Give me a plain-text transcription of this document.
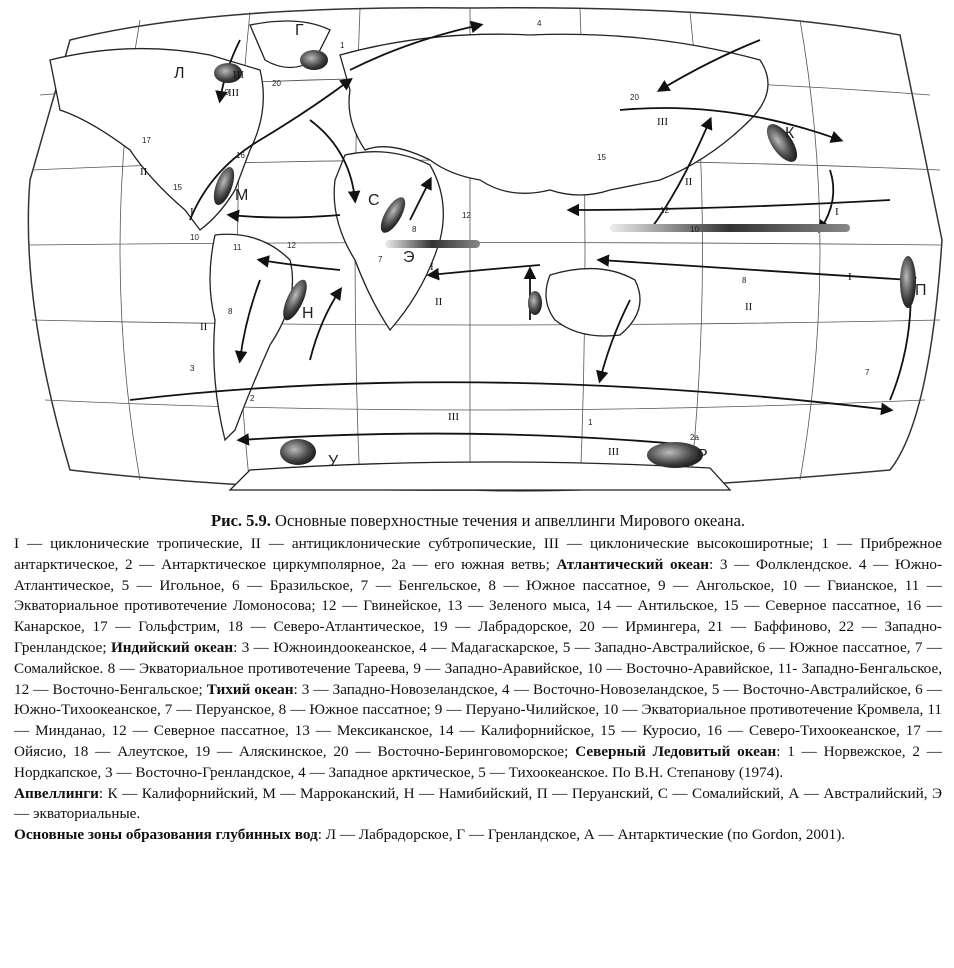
Л
Г
К
М	С
Э
Н
П
Р
У
III
II
I
II
I
II
III
II
I
I
II
III
III
III
4
1
10
20
17
16
15
10
11	12
8
3
2
8
12
20
15
12
10
8
7
2a
1
7
Рис. 5.9. Основные поверхностные течения и апвеллинги Мирового океана.

I — циклонические тропические, II — антициклонические субтропические, III — циклонические высокоширотные; 1 — Прибрежное антарктическое, 2 — Антарктическое циркумполярное, 2а — его южная ветвь; Атлантический океан: 3 — Фолклендское. 4 — Южно-Атлантическое, 5 — Игольное, 6 — Бразильское, 7 — Бенгельское, 8 — Южное пассатное, 9 — Ангольское, 10 — Гвианское, 11 — Экваториальное противотечение Ломоносова; 12 — Гвинейское, 13 — Зеленого мыса, 14 — Антильское, 15 — Северное пассатное, 16 — Канарское, 17 — Гольфстрим, 18 — Северо-Атлантическое, 19 — Лабрадорское, 20 — Ирмингера, 21 — Баффиново, 22 — Западно-Гренландское; Индийский океан: 3 — Южноиндоокеанское, 4 — Мадагаскарское, 5 — Западно-Австралийское, 6 — Южное пассатное, 7 — Сомалийское. 8 — Экваториальное противотечение Тареева, 9 — Западно-Аравийское, 10 — Восточно-Аравийское, 11- Западно-Бенгальское, 12 — Восточно-Бенгальское; Тихий океан: 3 — Западно-Новозеландское, 4 — Восточно-Новозеландское, 5 — Восточно-Австралийское, 6 — Южно-Тихоокеанское, 7 — Перуанское, 8 — Южное пассатное; 9 — Перуано-Чилийское, 10 — Экваториальное противотечение Кромвела, 11 — Минданао, 12 — Северное пассатное, 13 — Мексиканское, 14 — Калифорнийское, 15 — Куросио, 16 — Северо-Тихоокеанское, 17 — Ойясио, 18 — Алеутское, 19 — Аляскинское, 20 — Восточно-Беринговоморское; Северный Ледовитый океан: 1 — Норвежское, 2 — Нордкапское, 3 — Восточно-Гренландское, 4 — Западное арктическое, 5 — Тихоокеанское. По В.Н. Степанову (1974).

Апвеллинги: К — Калифорнийский, М — Марроканский, Н — Намибийский, П — Перуанский, С — Сомалийский, А — Австралийский, Э — экваториальные.

Основные зоны образования глубинных вод: Л — Лабрадорское, Г — Гренландское, А — Антарктические (по Gordon, 2001).
